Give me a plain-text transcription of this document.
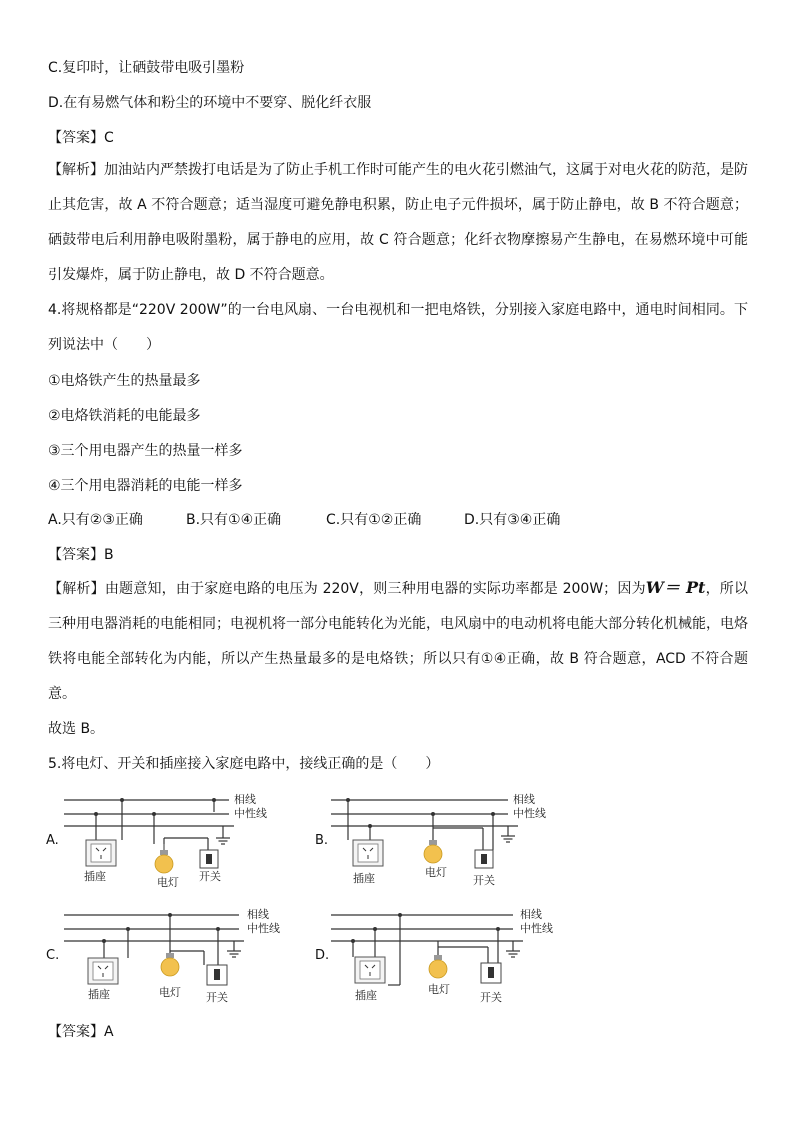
C.复印时，让硒鼓带电吸引墨粉
D.在有易燃气体和粉尘的环境中不要穿、脱化纤衣服
【答案】C
【解析】加油站内严禁拨打电话是为了防止手机工作时可能产生的电火花引燃油气，这属于对电火花的防范，是防止其危害，故 A 不符合题意；适当湿度可避免静电积累，防止电子元件损坏，属于防止静电，故 B 不符合题意；硒鼓带电后利用静电吸附墨粉，属于静电的应用，故 C 符合题意；化纤衣物摩擦易产生静电，在易燃环境中可能引发爆炸，属于防止静电，故 D 不符合题意。
4.将规格都是“220V 200W”的一台电风扇、一台电视机和一把电烙铁，分别接入家庭电路中，通电时间相同。下列说法中（　　）
①电烙铁产生的热量最多
②电烙铁消耗的电能最多
③三个用电器产生的热量一样多
④三个用电器消耗的电能一样多
A.只有②③正确	B.只有①④正确	C.只有①②正确	D.只有③④正确
【答案】B
【解析】由题意知，由于家庭电路的电压为 220V，则三种用电器的实际功率都是 200W；因为W＝ Pt，所以三种用电器消耗的电能相同；电视机将一部分电能转化为光能，电风扇中的电动机将电能大部分转化机械能，电烙铁将电能全部转化为内能，所以产生热量最多的是电烙铁；所以只有①④正确，故 B 符合题意，ACD 不符合题意。
故选 B。
5.将电灯、开关和插座接入家庭电路中，接线正确的是（　　）
A.
插座	电灯 开关
相线
中性线
B.
插座	电灯
开关
相线
中性线
C.
插座	电灯 开关
相线
中性线
D.
插座	电灯
开关
相线
中性线
【答案】A
